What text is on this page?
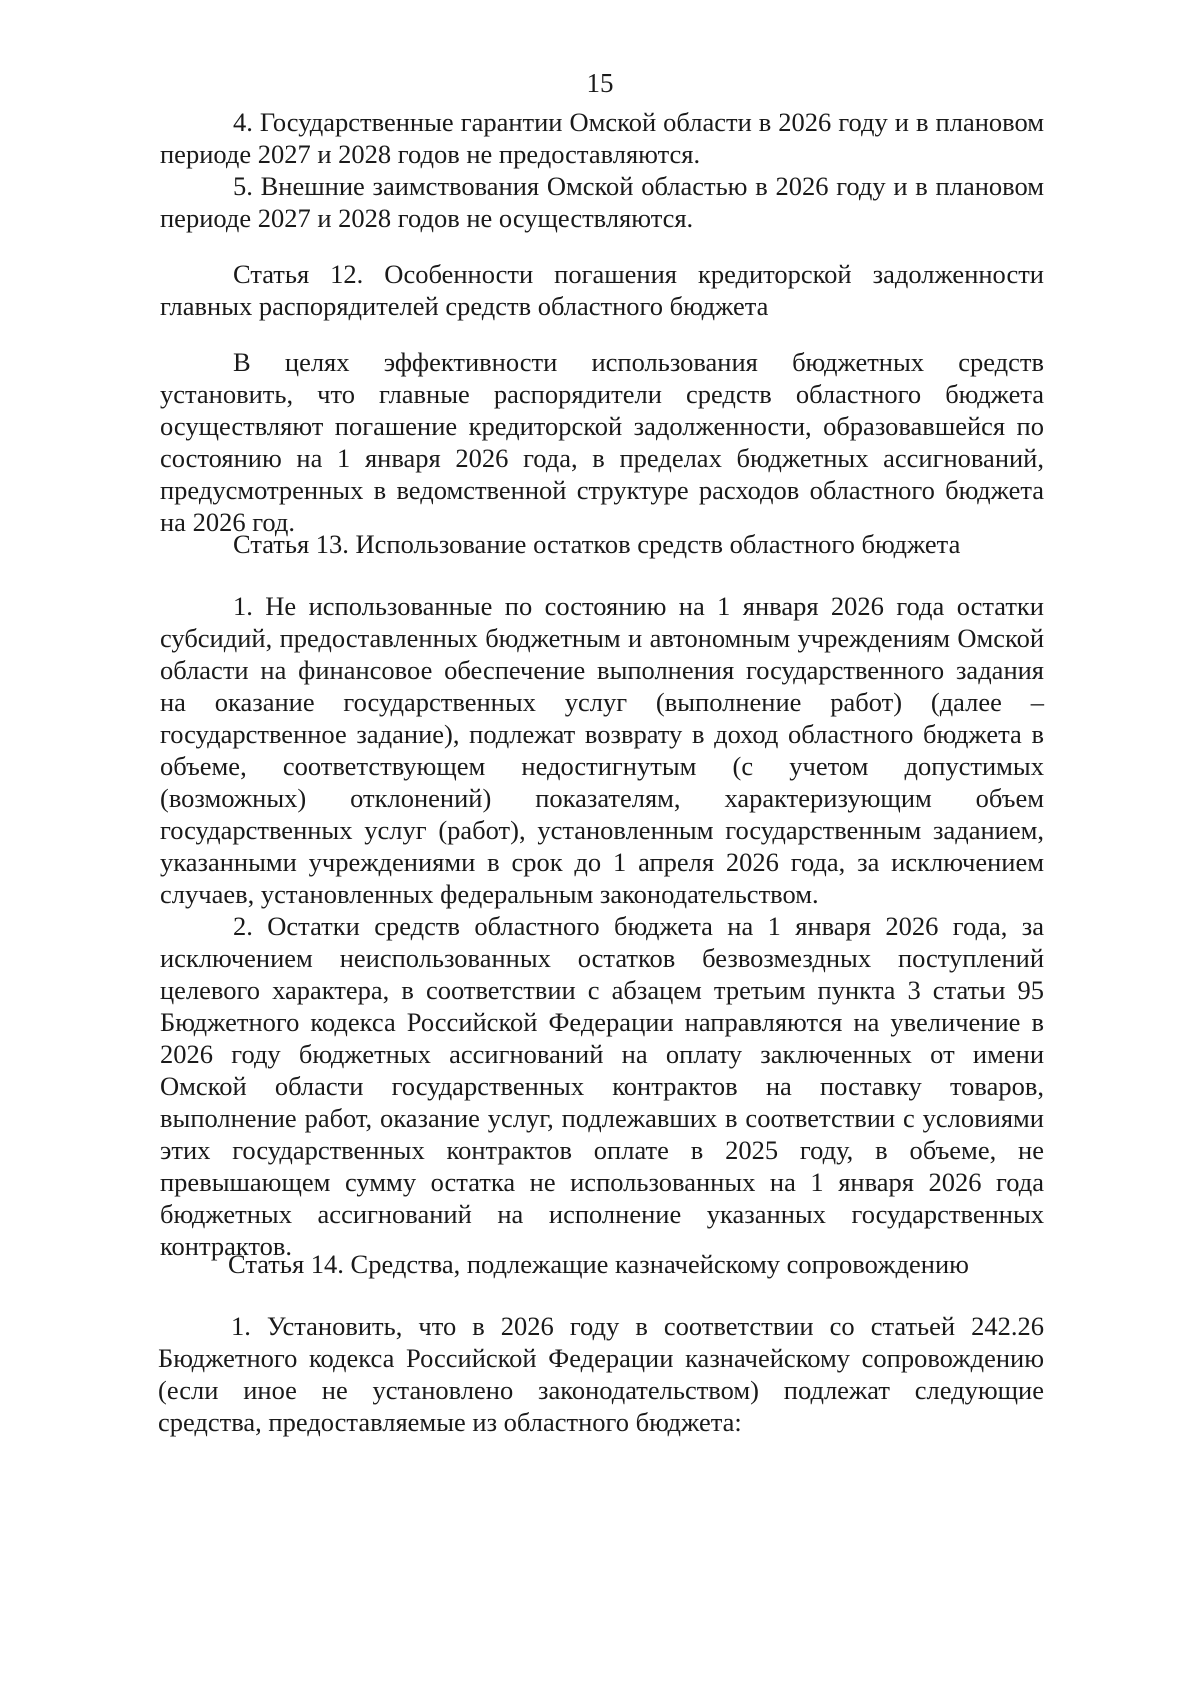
15

4. Государственные гарантии Омской области в 2026 году и в плановом периоде 2027 и 2028 годов не предоставляются.

5. Внешние заимствования Омской областью в 2026 году и в плановом периоде 2027 и 2028 годов не осуществляются.

Статья 12. Особенности погашения кредиторской задолженности главных распорядителей средств областного бюджета

В целях эффективности использования бюджетных средств установить, что главные распорядители средств областного бюджета осуществляют погашение кредиторской задолженности, образовавшейся по состоянию на 1 января 2026 года, в пределах бюджетных ассигнований, предусмотренных в ведомственной структуре расходов областного бюджета на 2026 год.

Статья 13. Использование остатков средств областного бюджета

1. Не использованные по состоянию на 1 января 2026 года остатки субсидий, предоставленных бюджетным и автономным учреждениям Омской области на финансовое обеспечение выполнения государственного задания на оказание государственных услуг (выполнение работ) (далее – государственное задание), подлежат возврату в доход областного бюджета в объеме, соответствующем недостигнутым (с учетом допустимых (возможных) отклонений) показателям, характеризующим объем государственных услуг (работ), установленным государственным заданием, указанными учреждениями в срок до 1 апреля 2026 года, за исключением случаев, установленных федеральным законодательством.

2. Остатки средств областного бюджета на 1 января 2026 года, за исключением неиспользованных остатков безвозмездных поступлений целевого характера, в соответствии с абзацем третьим пункта 3 статьи 95 Бюджетного кодекса Российской Федерации направляются на увеличение в 2026 году бюджетных ассигнований на оплату заключенных от имени Омской области государственных контрактов на поставку товаров, выполнение работ, оказание услуг, подлежавших в соответствии с условиями этих государственных контрактов оплате в 2025 году, в объеме, не превышающем сумму остатка не использованных на 1 января 2026 года бюджетных ассигнований на исполнение указанных государственных контрактов.

Статья 14. Средства, подлежащие казначейскому сопровождению

1. Установить, что в 2026 году в соответствии со статьей 242.26 Бюджетного кодекса Российской Федерации казначейскому сопровождению (если иное не установлено законодательством) подлежат следующие средства, предоставляемые из областного бюджета:
